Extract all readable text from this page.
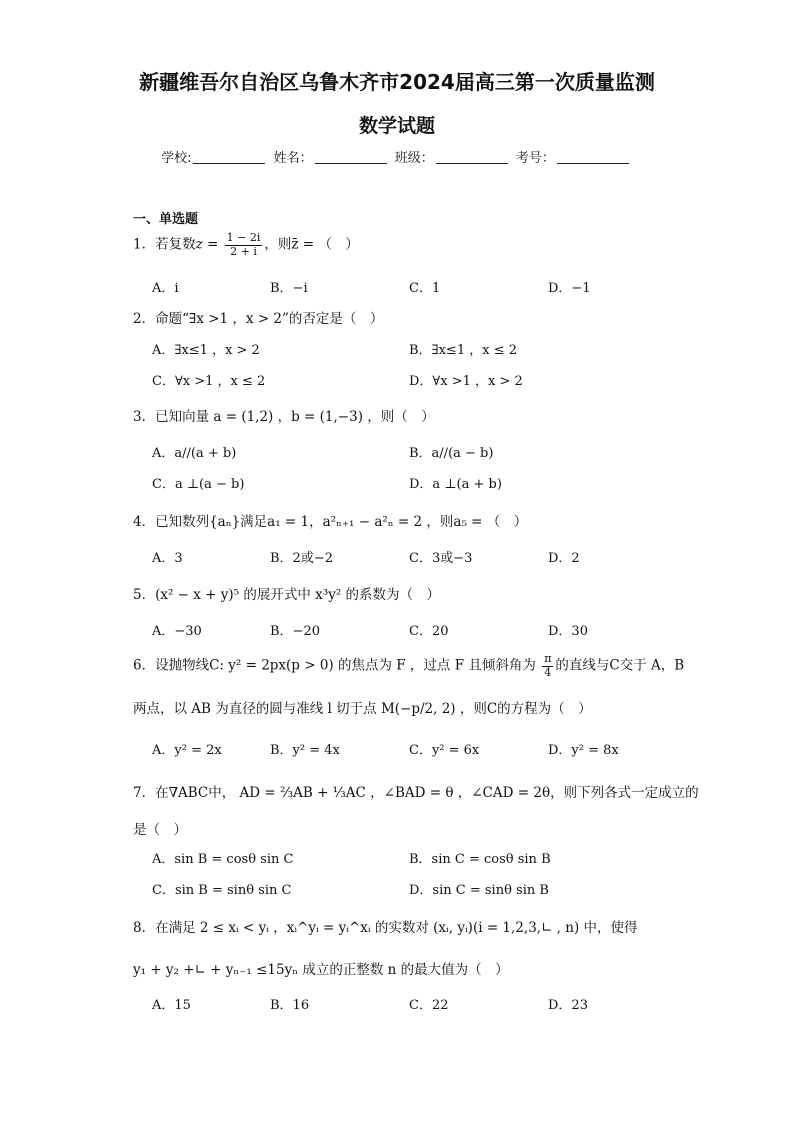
新疆维吾尔自治区乌鲁木齐市2024届高三第一次质量监测
数学试题
学校:	姓名：	班级：	考号：
一、单选题
1．若复数$z = \frac{1 - 2i}{2 + i}$ ，则z̄ = （　）
A．i	B．−i	C．1	D．−1
2．命题“∃x >1 ，x > 2”的否定是（　）
A．∃x≤1 ，x > 2	B．∃x≤1 ，x ≤ 2
C．∀x >1 ，x ≤ 2	D．∀x >1 ，x > 2
3．已知向量 a = (1,2) ，b = (1,−3) ，则（　）
A．a//(a + b)	B．a//(a − b)
C．a ⊥(a − b)	D．a ⊥(a + b)
4．已知数列{aₙ}满足a₁ = 1，a²ₙ₊₁ − a²ₙ = 2 ，则a₅ = （　）
A．3	B．2或−2	C．3或−3	D．2
5．(x² − x + y)⁵ 的展开式中 x³y² 的系数为（　）
A．−30	B．−20	C．20	D．30
6．设抛物线C: y² = 2px(p > 0) 的焦点为 F ，过点 F 且倾斜角为 $\frac{\pi}{4}$ 的直线与C交于 A，B
两点，以 AB 为直径的圆与准线 l 切于点 M(−p/2, 2) ，则C的方程为（　）
A．y² = 2x	B．y² = 4x	C．y² = 6x	D．y² = 8x
7．在∇ABC中， AD = ⅔AB + ⅓AC ，∠BAD = θ ，∠CAD = 2θ，则下列各式一定成立的
是（　）
A．sin B = cosθ sin C	B．sin C = cosθ sin B
C．sin B = sinθ sin C	D．sin C = sinθ sin B
8．在满足 2 ≤ xᵢ < yᵢ ，xᵢ^yᵢ = yᵢ^xᵢ 的实数对 (xᵢ, yᵢ)(i = 1,2,3,∟ , n) 中，使得
y₁ + y₂ +∟ + yₙ₋₁ ≤15yₙ 成立的正整数 n 的最大值为（　）
A．15	B．16	C．22	D．23
